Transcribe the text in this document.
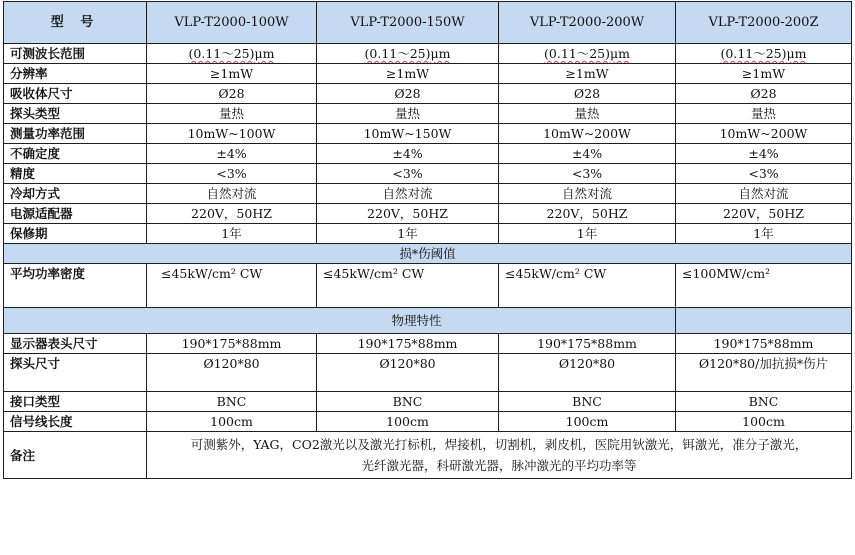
型 号	VLP-T2000-100W	VLP-T2000-150W	VLP-T2000-200W	VLP-T2000-200Z
可测波长范围	(0.11～25)μm	(0.11～25)μm	(0.11～25)μm	(0.11～25)μm
分辨率	≥1mW	≥1mW	≥1mW	≥1mW
吸收体尺寸	Ø28	Ø28	Ø28	Ø28
探头类型	量热	量热	量热	量热
测量功率范围	10mW~100W	10mW~150W	10mW~200W	10mW~200W
不确定度	±4%	±4%	±4%	±4%
精度	<3%	<3%	<3%	<3%
冷却方式	自然对流	自然对流	自然对流	自然对流
电源适配器	220V，50HZ	220V，50HZ	220V，50HZ	220V，50HZ
保修期	1年	1年	1年	1年
损*伤阈值				
平均功率密度	≤45kW/cm² CW	≤45kW/cm² CW	≤45kW/cm² CW	≤100MW/cm²
物理特性				
显示器表头尺寸	190*175*88mm	190*175*88mm	190*175*88mm	190*175*88mm
探头尺寸	Ø120*80	Ø120*80	Ø120*80	Ø120*80/加抗损*伤片
接口类型	BNC	BNC	BNC	BNC
信号线长度	100cm	100cm	100cm	100cm
备注	可测紫外，YAG，CO2激光以及激光打标机，焊接机，切割机，剥皮机，医院用钬激光，铒激光，准分子激光，光纤激光器，科研激光器，脉冲激光的平均功率等			
